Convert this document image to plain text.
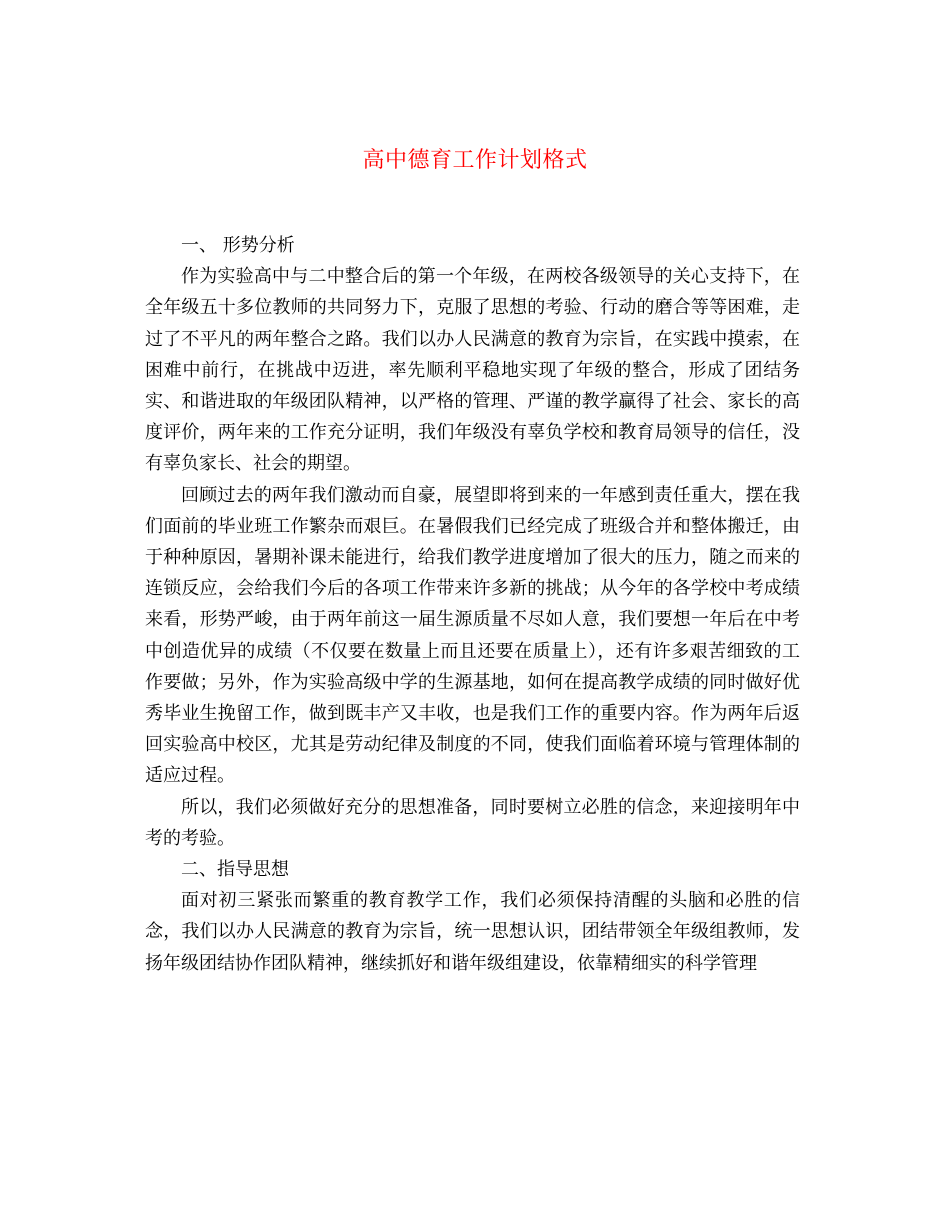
高中德育工作计划格式

一、 形势分析

作为实验高中与二中整合后的第一个年级，在两校各级领导的关心支持下，在全年级五十多位教师的共同努力下，克服了思想的考验、行动的磨合等等困难，走过了不平凡的两年整合之路。我们以办人民满意的教育为宗旨，在实践中摸索，在困难中前行，在挑战中迈进，率先顺利平稳地实现了年级的整合，形成了团结务实、和谐进取的年级团队精神，以严格的管理、严谨的教学赢得了社会、家长的高度评价，两年来的工作充分证明，我们年级没有辜负学校和教育局领导的信任，没有辜负家长、社会的期望。

回顾过去的两年我们激动而自豪，展望即将到来的一年感到责任重大，摆在我们面前的毕业班工作繁杂而艰巨。在暑假我们已经完成了班级合并和整体搬迁，由于种种原因，暑期补课未能进行，给我们教学进度增加了很大的压力，随之而来的连锁反应，会给我们今后的各项工作带来许多新的挑战；从今年的各学校中考成绩来看，形势严峻，由于两年前这一届生源质量不尽如人意，我们要想一年后在中考中创造优异的成绩（不仅要在数量上而且还要在质量上），还有许多艰苦细致的工作要做；另外，作为实验高级中学的生源基地，如何在提高教学成绩的同时做好优秀毕业生挽留工作，做到既丰产又丰收，也是我们工作的重要内容。作为两年后返回实验高中校区，尤其是劳动纪律及制度的不同，使我们面临着环境与管理体制的适应过程。

所以，我们必须做好充分的思想准备，同时要树立必胜的信念，来迎接明年中考的考验。

二、指导思想

面对初三紧张而繁重的教育教学工作，我们必须保持清醒的头脑和必胜的信念，我们以办人民满意的教育为宗旨，统一思想认识，团结带领全年级组教师，发扬年级团结协作团队精神，继续抓好和谐年级组建设，依靠精细实的科学管理
